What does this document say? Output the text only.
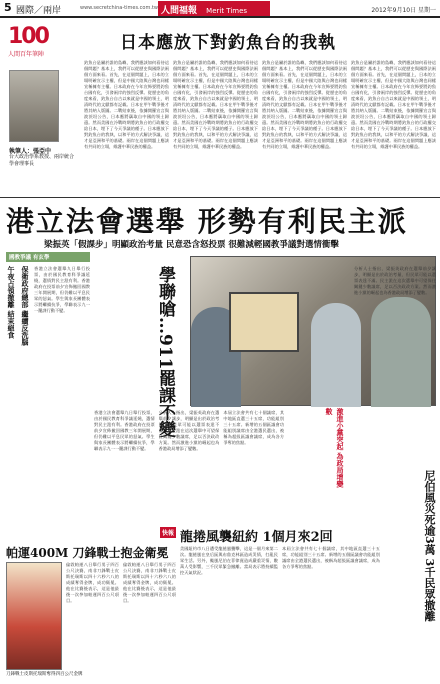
5 國際／兩岸	www.secretchina-times.com.tw 人間福報 Merit Times	2012年9月10日 星期一
100
人間百年筆陣
日本應放下對釣魚台的我執
執筆人：張亞中
台大政治學系教授、兩岸統合學會理事長
釣魚台是屬於誰的島嶼，我們應該如何看待這個問題？基本上，我們可以從歷史與國際法兩個方面來看。首先，在這個問題上，日本的立場明確宣示主權，但是中國大陸與台灣也同樣宣稱擁有主權。日本政府在今年宣佈要將釣魚台國有化，引發兩岸的強烈反彈。從歷史的角度來看，釣魚台自古以來就是中國的領土，明清時代的文獻都有記載。日本在甲午戰爭後才將其納入版圖。二戰結束後，依據開羅宣言與波茨坦公告，日本應將竊取自中國的領土歸還。然而美國在冷戰時期將釣魚台的行政權交給日本，埋下了今天爭議的種子。日本應放下對釣魚台的我執，以和平的方式解決爭議，這才是亞洲和平的基礎。兩岸在這個問題上應該有共同的立場，維護中華民族的權益。
釣魚台是屬於誰的島嶼，我們應該如何看待這個問題？基本上，我們可以從歷史與國際法兩個方面來看。首先，在這個問題上，日本的立場明確宣示主權，但是中國大陸與台灣也同樣宣稱擁有主權。日本政府在今年宣佈要將釣魚台國有化，引發兩岸的強烈反彈。從歷史的角度來看，釣魚台自古以來就是中國的領土，明清時代的文獻都有記載。日本在甲午戰爭後才將其納入版圖。二戰結束後，依據開羅宣言與波茨坦公告，日本應將竊取自中國的領土歸還。然而美國在冷戰時期將釣魚台的行政權交給日本，埋下了今天爭議的種子。日本應放下對釣魚台的我執，以和平的方式解決爭議，這才是亞洲和平的基礎。兩岸在這個問題上應該有共同的立場，維護中華民族的權益。
釣魚台是屬於誰的島嶼，我們應該如何看待這個問題？基本上，我們可以從歷史與國際法兩個方面來看。首先，在這個問題上，日本的立場明確宣示主權，但是中國大陸與台灣也同樣宣稱擁有主權。日本政府在今年宣佈要將釣魚台國有化，引發兩岸的強烈反彈。從歷史的角度來看，釣魚台自古以來就是中國的領土，明清時代的文獻都有記載。日本在甲午戰爭後才將其納入版圖。二戰結束後，依據開羅宣言與波茨坦公告，日本應將竊取自中國的領土歸還。然而美國在冷戰時期將釣魚台的行政權交給日本，埋下了今天爭議的種子。日本應放下對釣魚台的我執，以和平的方式解決爭議，這才是亞洲和平的基礎。兩岸在這個問題上應該有共同的立場，維護中華民族的權益。
釣魚台是屬於誰的島嶼，我們應該如何看待這個問題？基本上，我們可以從歷史與國際法兩個方面來看。首先，在這個問題上，日本的立場明確宣示主權，但是中國大陸與台灣也同樣宣稱擁有主權。日本政府在今年宣佈要將釣魚台國有化，引發兩岸的強烈反彈。從歷史的角度來看，釣魚台自古以來就是中國的領土，明清時代的文獻都有記載。日本在甲午戰爭後才將其納入版圖。二戰結束後，依據開羅宣言與波茨坦公告，日本應將竊取自中國的領土歸還。然而美國在冷戰時期將釣魚台的行政權交給日本，埋下了今天爭議的種子。日本應放下對釣魚台的我執，以和平的方式解決爭議，這才是亞洲和平的基礎。兩岸在這個問題上應該有共同的立場，維護中華民族的權益。
港立法會選舉 形勢有利民主派
梁振英「假課步」明顯政治考量 民意恐含怒投票 很難減輕國教爭議對選情衝擊
國教爭議 有玄學
午夜占領撤離 結束絕食 保衛政府總部 繼續反洗腦 香港立法會選舉九日舉行投票，由於國民教育科爭議延燒，選情對民主派有利。香港政府在投票前夕宣佈撤回國教三年開展期，但仍難以平息民眾的怒氣。學生與家長團體表示將繼續抗爭，學聯表示九一一罷課行動不變。	學聯嗆…911罷課不變	分析人士指出，梁振英政府在選舉前夕讓步，明顯是出於政治考量，但民眾可能以選票表達不滿。民主派在這次選舉中可望保住關鍵少數議席，足以否決政改方案。然而激進小黨的崛起也為香港政局增添了變數。
香港立法會選舉九日舉行投票，由於國民教育科爭議延燒，選情對民主派有利。香港政府在投票前夕宣佈撤回國教三年開展期，但仍難以平息民眾的怒氣。學生與家長團體表示將繼續抗爭，學聯表示九一一罷課行動不變。
分析人士指出，梁振英政府在選舉前夕讓步，明顯是出於政治考量，但民眾可能以選票表達不滿。民主派在這次選舉中可望保住關鍵少數議席，足以否決政改方案。然而激進小黨的崛起也為香港政局增添了變數。
本屆立法會共有七十個議席，其中地區直選三十五席，功能組別三十五席。新增的五個區議會功能組別議席由全港選民選出，被稱為超級區議會議席，成為各方爭奪的焦點。	激進小黨突起 為政局增變數
快報 龍捲風襲紐約 1個月來2回	尼伯風災死逾3萬 3千民眾撤離
美國紐約市八日遭受龍捲風襲擊，這是一個月來第二次。龍捲風在皇后區與布魯克林區造成災情，打亂民眾生活。另外，颱風尼伯在菲律賓造成嚴重災情，數萬人受影響，三千民眾緊急撤離。當局表示將持續監控天氣狀況。
本屆立法會共有七十個議席，其中地區直選三十五席，功能組別三十五席。新增的五個區議會功能組別議席由全港選民選出，被稱為超級區議會議席，成為各方爭奪的焦點。
帕運400M 刀鋒戰士抱金衛冕
刀鋒戰士皮斯托瑞斯奪得四百公尺金牌
倫敦帕運八日舉行男子四百公尺決賽，南非刀鋒戰士皮斯托瑞斯以四十六秒六八的成績奪得金牌，成功衛冕。他在比賽後表示，這是他最後一次參加帕運四百公尺項目。
倫敦帕運八日舉行男子四百公尺決賽，南非刀鋒戰士皮斯托瑞斯以四十六秒六八的成績奪得金牌，成功衛冕。他在比賽後表示，這是他最後一次參加帕運四百公尺項目。
